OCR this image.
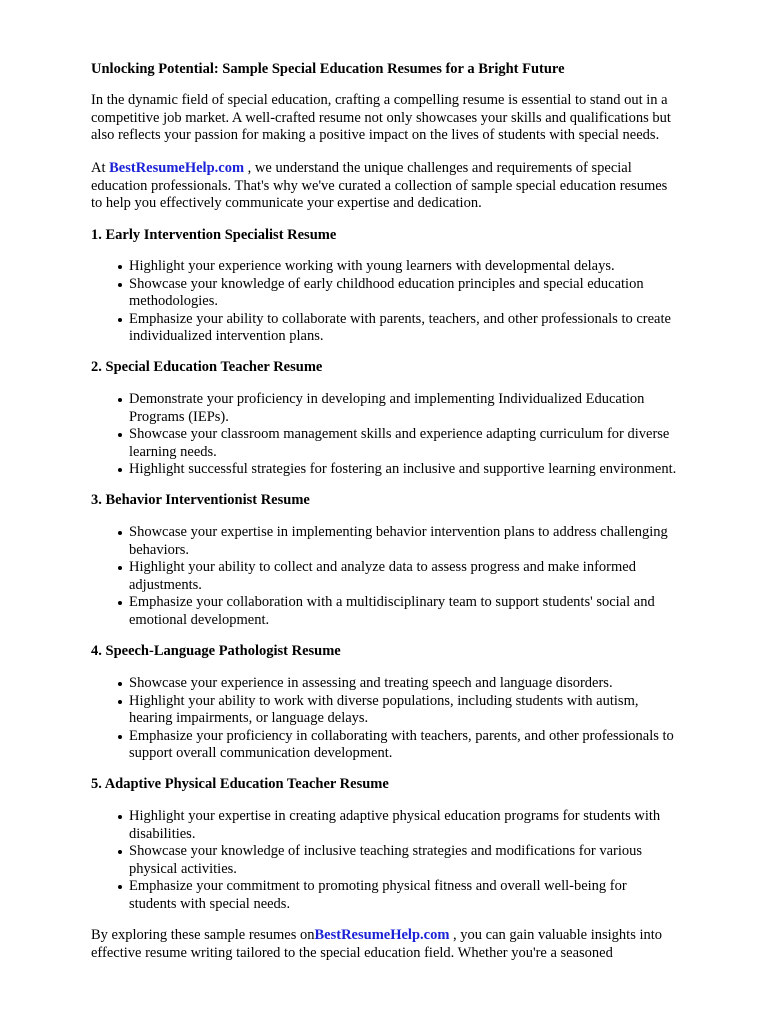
Unlocking Potential: Sample Special Education Resumes for a Bright Future
In the dynamic field of special education, crafting a compelling resume is essential to stand out in a
competitive job market. A well-crafted resume not only showcases your skills and qualifications but
also reflects your passion for making a positive impact on the lives of students with special needs.
At BestResumeHelp.com , we understand the unique challenges and requirements of special
education professionals. That's why we've curated a collection of sample special education resumes
to help you effectively communicate your expertise and dedication.
1. Early Intervention Specialist Resume
Highlight your experience working with young learners with developmental delays.
Showcase your knowledge of early childhood education principles and special education
methodologies.
Emphasize your ability to collaborate with parents, teachers, and other professionals to create
individualized intervention plans.
2. Special Education Teacher Resume
Demonstrate your proficiency in developing and implementing Individualized Education
Programs (IEPs).
Showcase your classroom management skills and experience adapting curriculum for diverse
learning needs.
Highlight successful strategies for fostering an inclusive and supportive learning environment.
3. Behavior Interventionist Resume
Showcase your expertise in implementing behavior intervention plans to address challenging
behaviors.
Highlight your ability to collect and analyze data to assess progress and make informed
adjustments.
Emphasize your collaboration with a multidisciplinary team to support students' social and
emotional development.
4. Speech-Language Pathologist Resume
Showcase your experience in assessing and treating speech and language disorders.
Highlight your ability to work with diverse populations, including students with autism,
hearing impairments, or language delays.
Emphasize your proficiency in collaborating with teachers, parents, and other professionals to
support overall communication development.
5. Adaptive Physical Education Teacher Resume
Highlight your expertise in creating adaptive physical education programs for students with
disabilities.
Showcase your knowledge of inclusive teaching strategies and modifications for various
physical activities.
Emphasize your commitment to promoting physical fitness and overall well-being for
students with special needs.
By exploring these sample resumes onBestResumeHelp.com , you can gain valuable insights into
effective resume writing tailored to the special education field. Whether you're a seasoned
